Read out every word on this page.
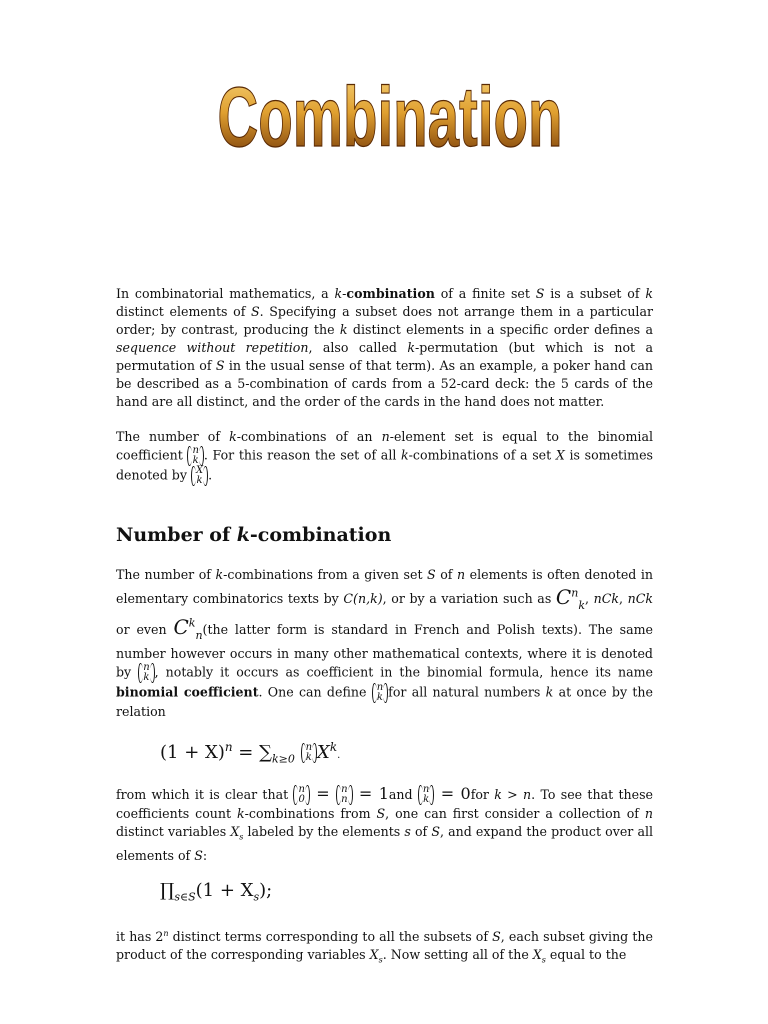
Combination

In combinatorial mathematics, a k-combination of a finite set S is a subset of k distinct elements of S. Specifying a subset does not arrange them in a particular order; by contrast, producing the k distinct elements in a specific order defines a sequence without repetition, also called k-permutation (but which is not a permutation of S in the usual sense of that term). As an example, a poker hand can be described as a 5-combination of cards from a 52-card deck: the 5 cards of the hand are all distinct, and the order of the cards in the hand does not matter.

The number of k-combinations of an n-element set is equal to the binomial coefficient n
k . For this reason the set of all k-combinations of a set X is sometimes denoted by X
k .

Number of k-combination

The number of k-combinations from a given set S of n elements is often denoted in elementary combinatorics texts by C(n,k), or by a variation such as $C^n_k$, nCk, nCk or even $C^k_n(the$ latter form is standard in French and Polish texts). The same number however occurs in many other mathematical contexts, where it is denoted by n
k , notably it occurs as coefficient in the binomial formula, hence its name binomial coefficient. One can define n
k for all natural numbers k at once by the relation

$(1 + X)^n = \sum_{k\ge 0}$
n
k $X^k$.

from which it is clear that n
0 = n
n = 1and n
k = 0for k > n. To see that these coefficients count k-combinations from S, one can first consider a collection of n distinct variables $X_s$ labeled by the elements s of S, and expand the product over all elements of S:

$\prod_{s\in S}(1 + X_s)$;

it has 2$^n$ distinct terms corresponding to all the subsets of S, each subset giving the product of the corresponding variables $X_s$. Now setting all of the $X_s$ equal to the
